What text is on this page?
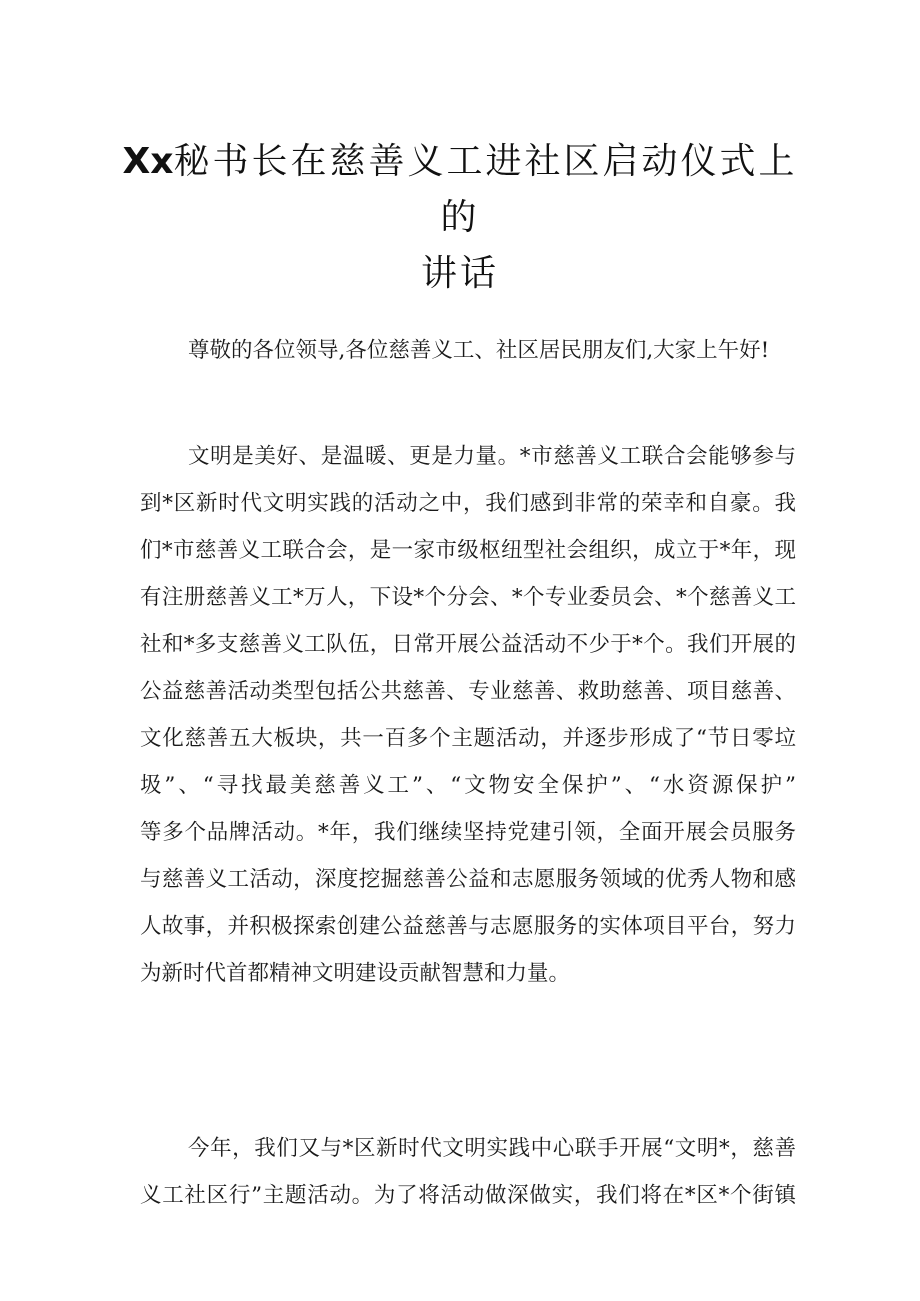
Xx秘书长在慈善义工进社区启动仪式上的
讲话

尊敬的各位领导,各位慈善义工、社区居民朋友们,大家上午好!

文明是美好、是温暖、更是力量。*市慈善义工联合会能够参与
到*区新时代文明实践的活动之中，我们感到非常的荣幸和自豪。我
们*市慈善义工联合会，是一家市级枢纽型社会组织，成立于*年，现
有注册慈善义工*万人，下设*个分会、*个专业委员会、*个慈善义工
社和*多支慈善义工队伍，日常开展公益活动不少于*个。我们开展的
公益慈善活动类型包括公共慈善、专业慈善、救助慈善、项目慈善、
文化慈善五大板块，共一百多个主题活动，并逐步形成了“节日零垃
圾”、“寻找最美慈善义工”、“文物安全保护”、“水资源保护”
等多个品牌活动。*年，我们继续坚持党建引领，全面开展会员服务
与慈善义工活动，深度挖掘慈善公益和志愿服务领域的优秀人物和感
人故事，并积极探索创建公益慈善与志愿服务的实体项目平台，努力
为新时代首都精神文明建设贡献智慧和力量。
今年，我们又与*区新时代文明实践中心联手开展“文明*，慈善
义工社区行”主题活动。为了将活动做深做实，我们将在*区*个街镇
